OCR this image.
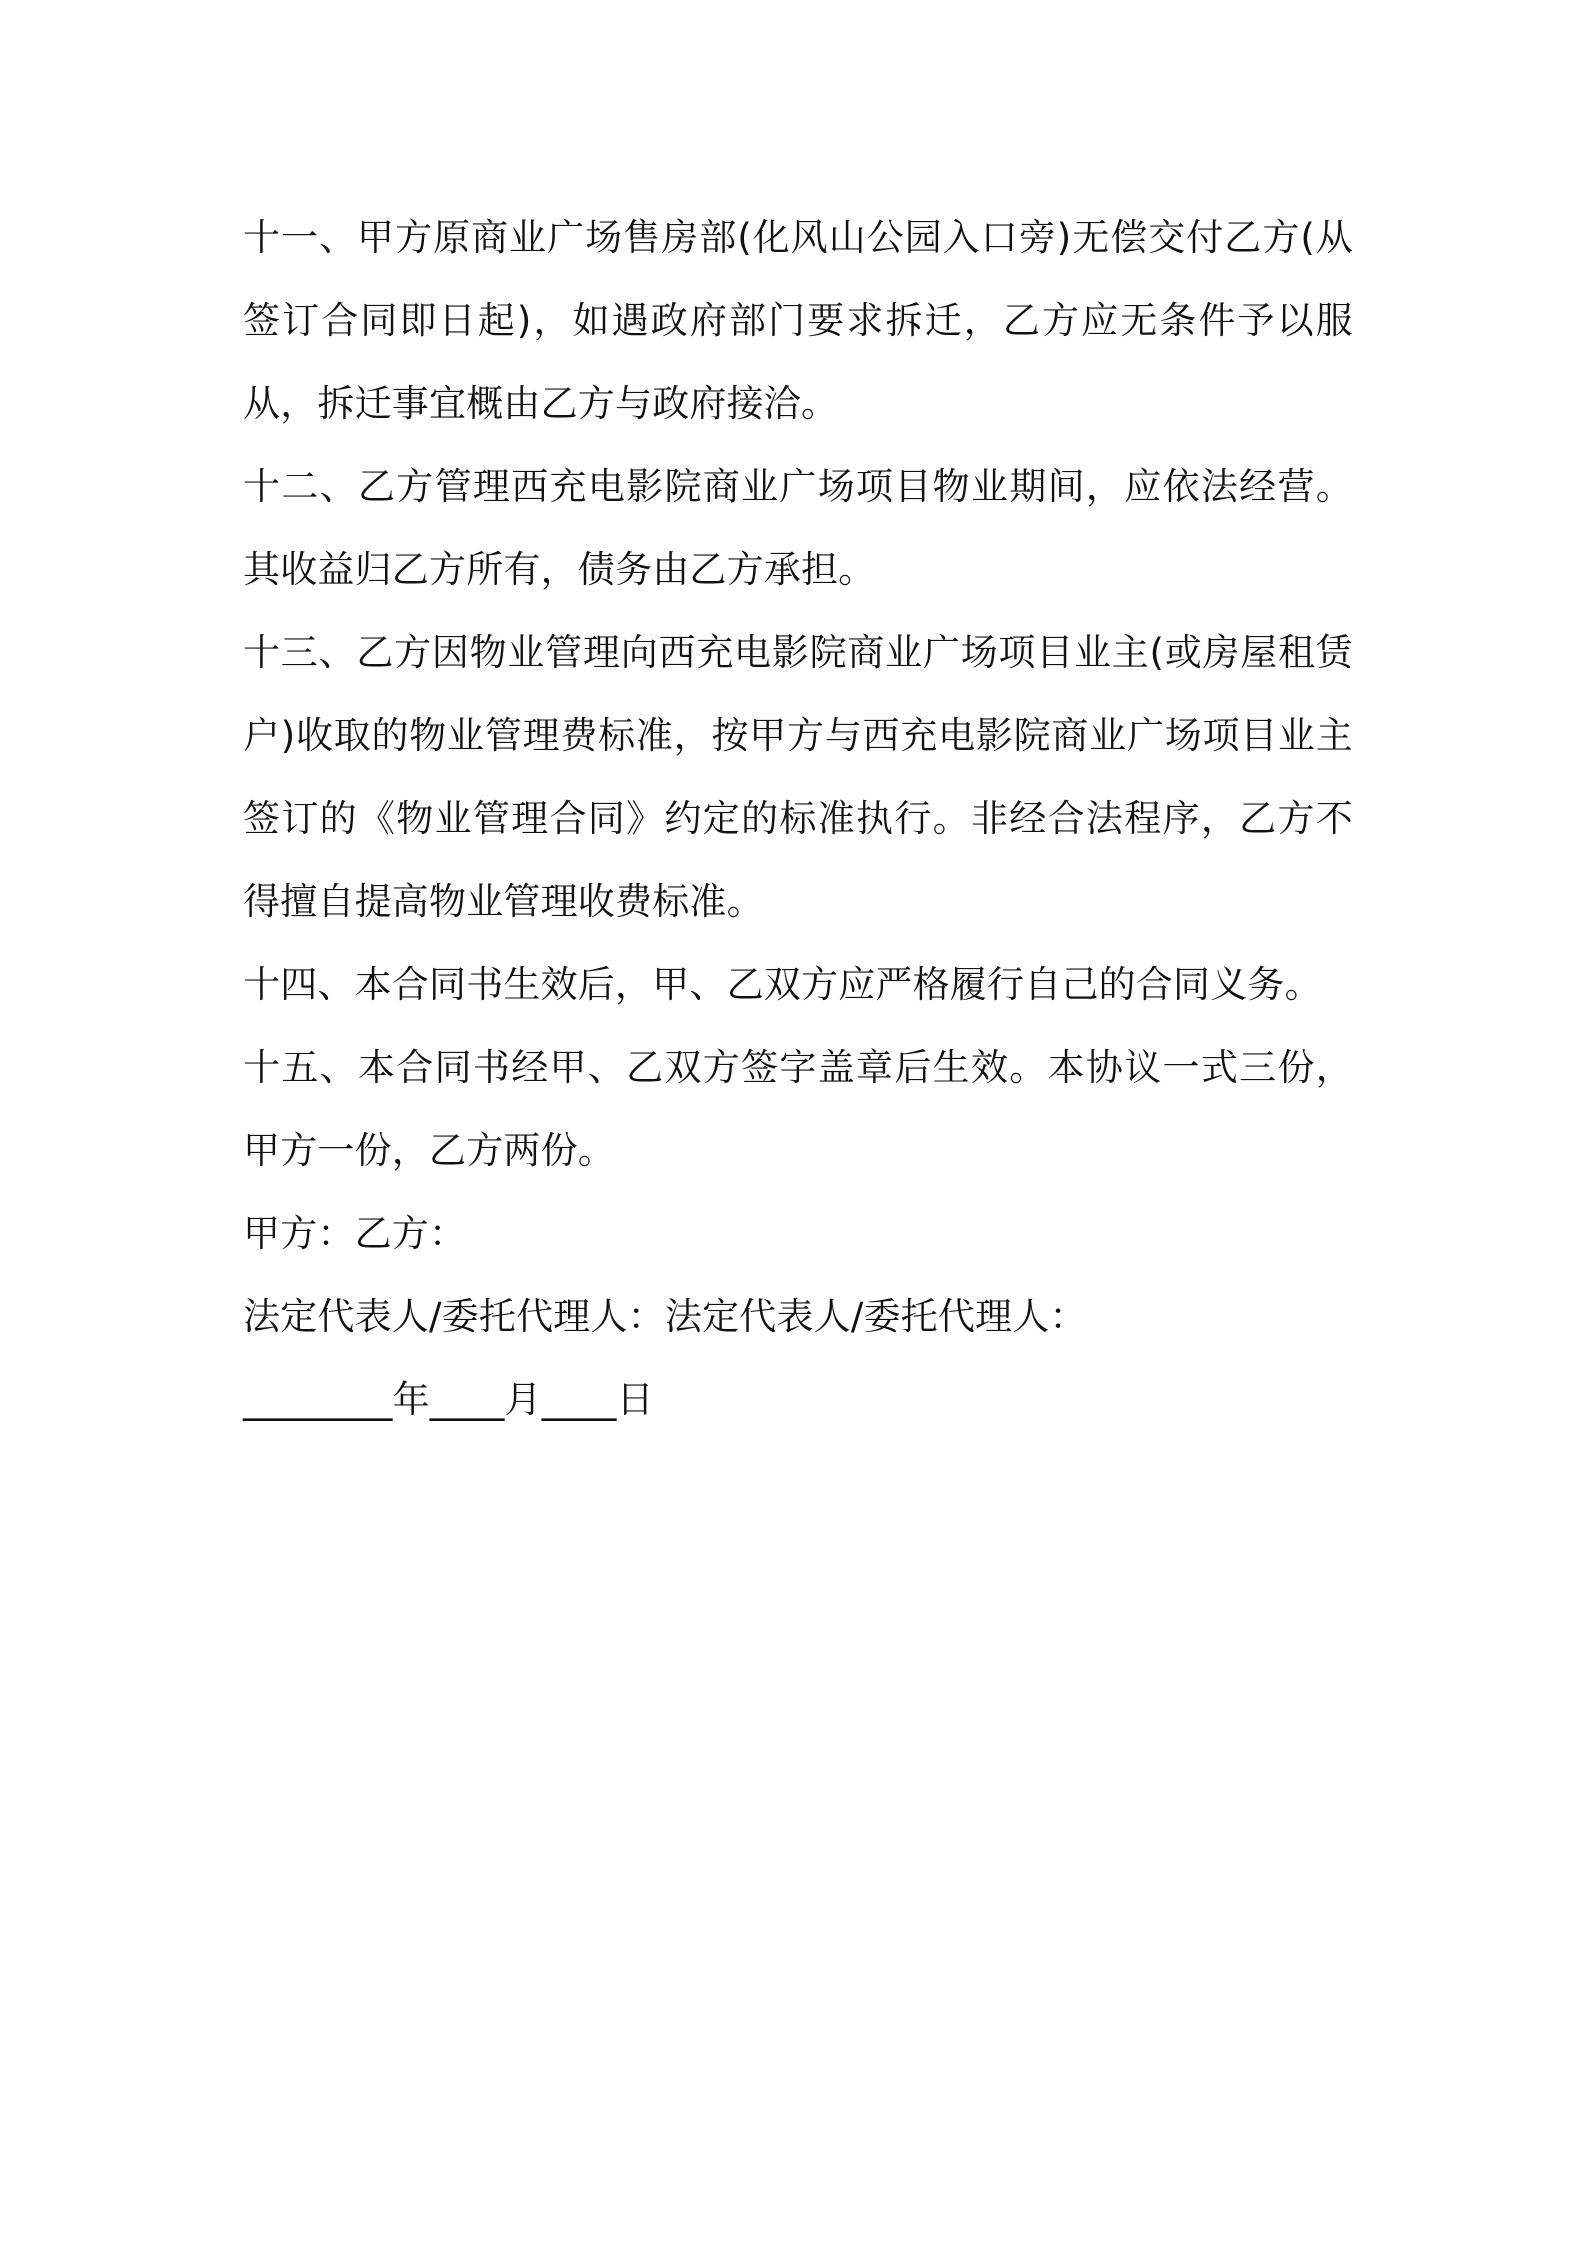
十一、甲方原商业广场售房部(化风山公园入口旁)无偿交付乙方(从签订合同即日起)，如遇政府部门要求拆迁，乙方应无条件予以服从，拆迁事宜概由乙方与政府接洽。

十二、乙方管理西充电影院商业广场项目物业期间，应依法经营。其收益归乙方所有，债务由乙方承担。

十三、乙方因物业管理向西充电影院商业广场项目业主(或房屋租赁户)收取的物业管理费标准，按甲方与西充电影院商业广场项目业主签订的《物业管理合同》约定的标准执行。非经合法程序，乙方不得擅自提高物业管理收费标准。

十四、本合同书生效后，甲、乙双方应严格履行自己的合同义务。

十五、本合同书经甲、乙双方签字盖章后生效。本协议一式三份，甲方一份，乙方两份。

甲方：乙方：

法定代表人/委托代理人：法定代表人/委托代理人：

________年____月____日
